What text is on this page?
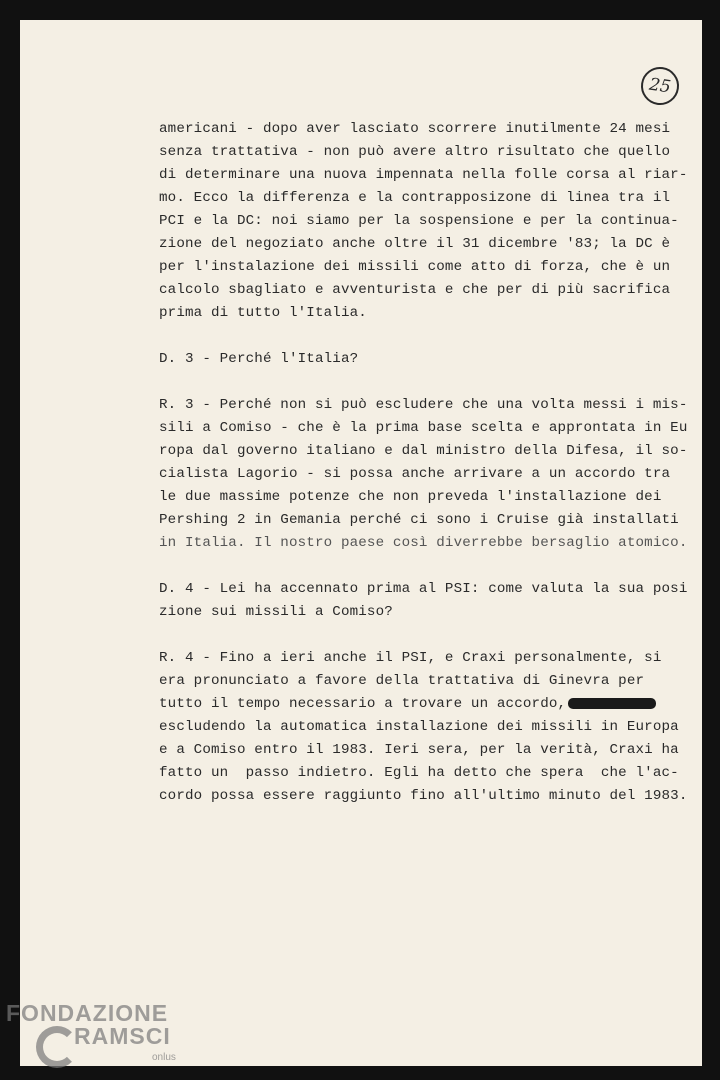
25
americani - dopo aver lasciato scorrere inutilmente 24 mesi
senza trattativa - non può avere altro risultato che quello
di determinare una nuova impennata nella folle corsa al riar-
mo. Ecco la differenza e la contrapposizone di linea tra il
PCI e la DC: noi siamo per la sospensione e per la continua-
zione del negoziato anche oltre il 31 dicembre '83; la DC è
per l'instalazione dei missili come atto di forza, che è un
calcolo sbagliato e avventurista e che per di più sacrifica
prima di tutto l'Italia.
D. 3 - Perché l'Italia?
R. 3 - Perché non si può escludere che una volta messi i mis-
sili a Comiso - che è la prima base scelta e approntata in Eu
ropa dal governo italiano e dal ministro della Difesa, il so-
cialista Lagorio - si possa anche arrivare a un accordo tra
le due massime potenze che non preveda l'installazione dei
Pershing 2 in Gemania perché ci sono i Cruise già installati
in Italia. Il nostro paese così diverrebbe bersaglio atomico.
D. 4 - Lei ha accennato prima al PSI: come valuta la sua posi
zione sui missili a Comiso?
R. 4 - Fino a ieri anche il PSI, e Craxi personalmente, si
era pronunciato a favore della trattativa di Ginevra per
tutto il tempo necessario a trovare un accordo,
escludendo la automatica installazione dei missili in Europa
e a Comiso entro il 1983. Ieri sera, per la verità, Craxi ha
fatto un  passo indietro. Egli ha detto che spera  che l'ac-
cordo possa essere raggiunto fino all'ultimo minuto del 1983.
FONDAZIONE
RAMSCI
onlus
